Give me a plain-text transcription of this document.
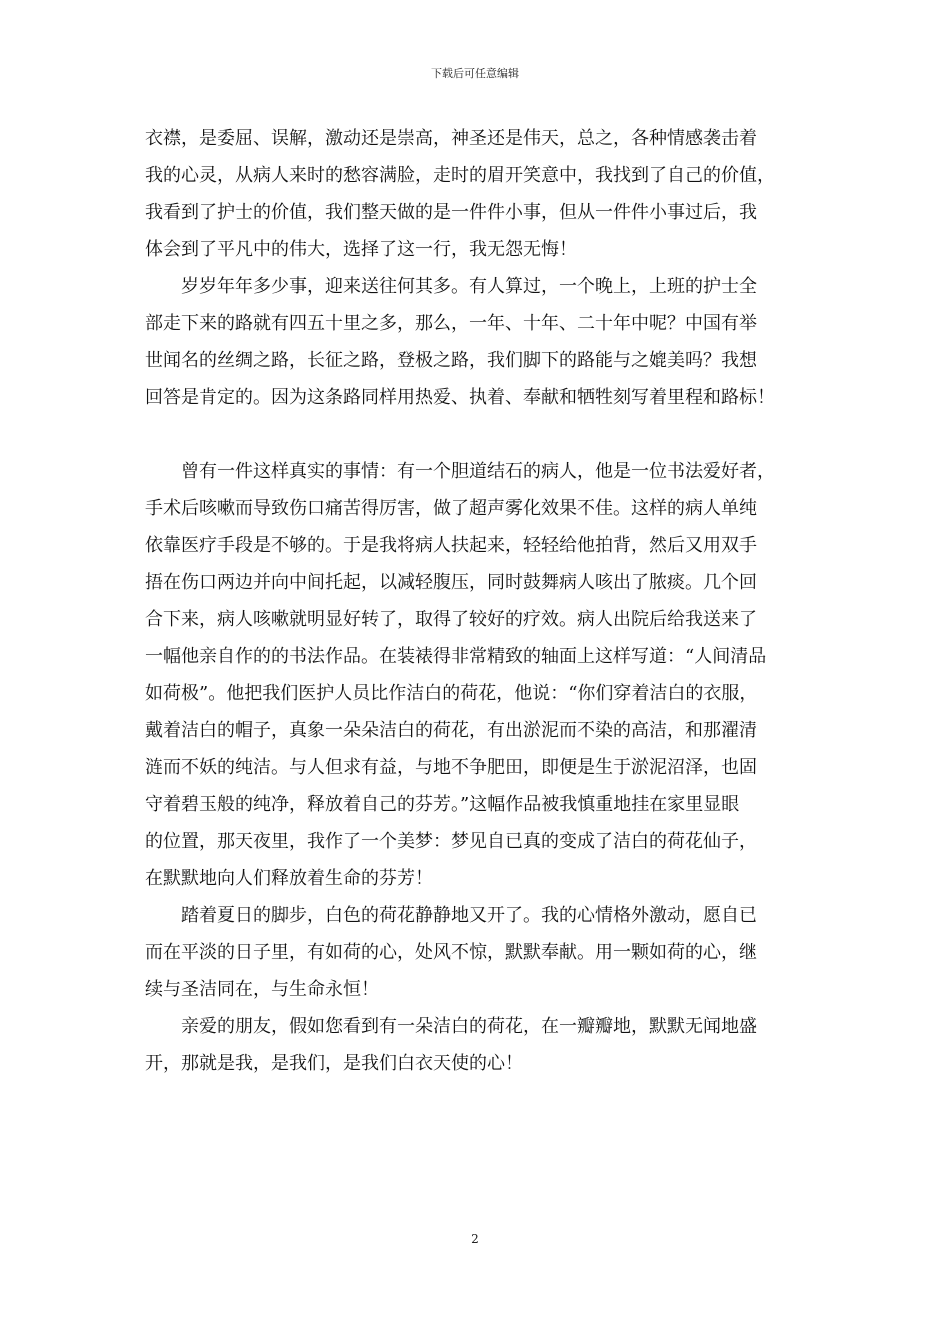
下载后可任意编辑
衣襟，是委屈、误解，激动还是崇高，神圣还是伟天，总之，各种情感袭击着
我的心灵，从病人来时的愁容满脸，走时的眉开笑意中，我找到了自己的价值，
我看到了护士的价值，我们整天做的是一件件小事，但从一件件小事过后，我
体会到了平凡中的伟大，选择了这一行，我无怨无悔！
岁岁年年多少事，迎来送往何其多。有人算过，一个晚上，上班的护士全
部走下来的路就有四五十里之多，那么，一年、十年、二十年中呢？中国有举
世闻名的丝绸之路，长征之路，登极之路，我们脚下的路能与之媲美吗？我想
回答是肯定的。因为这条路同样用热爱、执着、奉献和牺牲刻写着里程和路标！
曾有一件这样真实的事情：有一个胆道结石的病人，他是一位书法爱好者，
手术后咳嗽而导致伤口痛苦得厉害，做了超声雾化效果不佳。这样的病人单纯
依靠医疗手段是不够的。于是我将病人扶起来，轻轻给他拍背，然后又用双手
捂在伤口两边并向中间托起，以减轻腹压，同时鼓舞病人咳出了脓痰。几个回
合下来，病人咳嗽就明显好转了，取得了较好的疗效。病人出院后给我送来了
一幅他亲自作的的书法作品。在装裱得非常精致的轴面上这样写道：“人间清品
如荷极”。他把我们医护人员比作洁白的荷花，他说：“你们穿着洁白的衣服，
戴着洁白的帽子，真象一朵朵洁白的荷花，有出淤泥而不染的高洁，和那濯清
涟而不妖的纯洁。与人但求有益，与地不争肥田，即便是生于淤泥沼泽，也固
守着碧玉般的纯净，释放着自己的芬芳。”这幅作品被我慎重地挂在家里显眼
的位置，那天夜里，我作了一个美梦：梦见自已真的变成了洁白的荷花仙子，
在默默地向人们释放着生命的芬芳！
踏着夏日的脚步，白色的荷花静静地又开了。我的心情格外激动，愿自已
而在平淡的日子里，有如荷的心，处风不惊，默默奉献。用一颗如荷的心，继
续与圣洁同在，与生命永恒！
亲爱的朋友，假如您看到有一朵洁白的荷花，在一瓣瓣地，默默无闻地盛
开，那就是我，是我们，是我们白衣天使的心！
2
